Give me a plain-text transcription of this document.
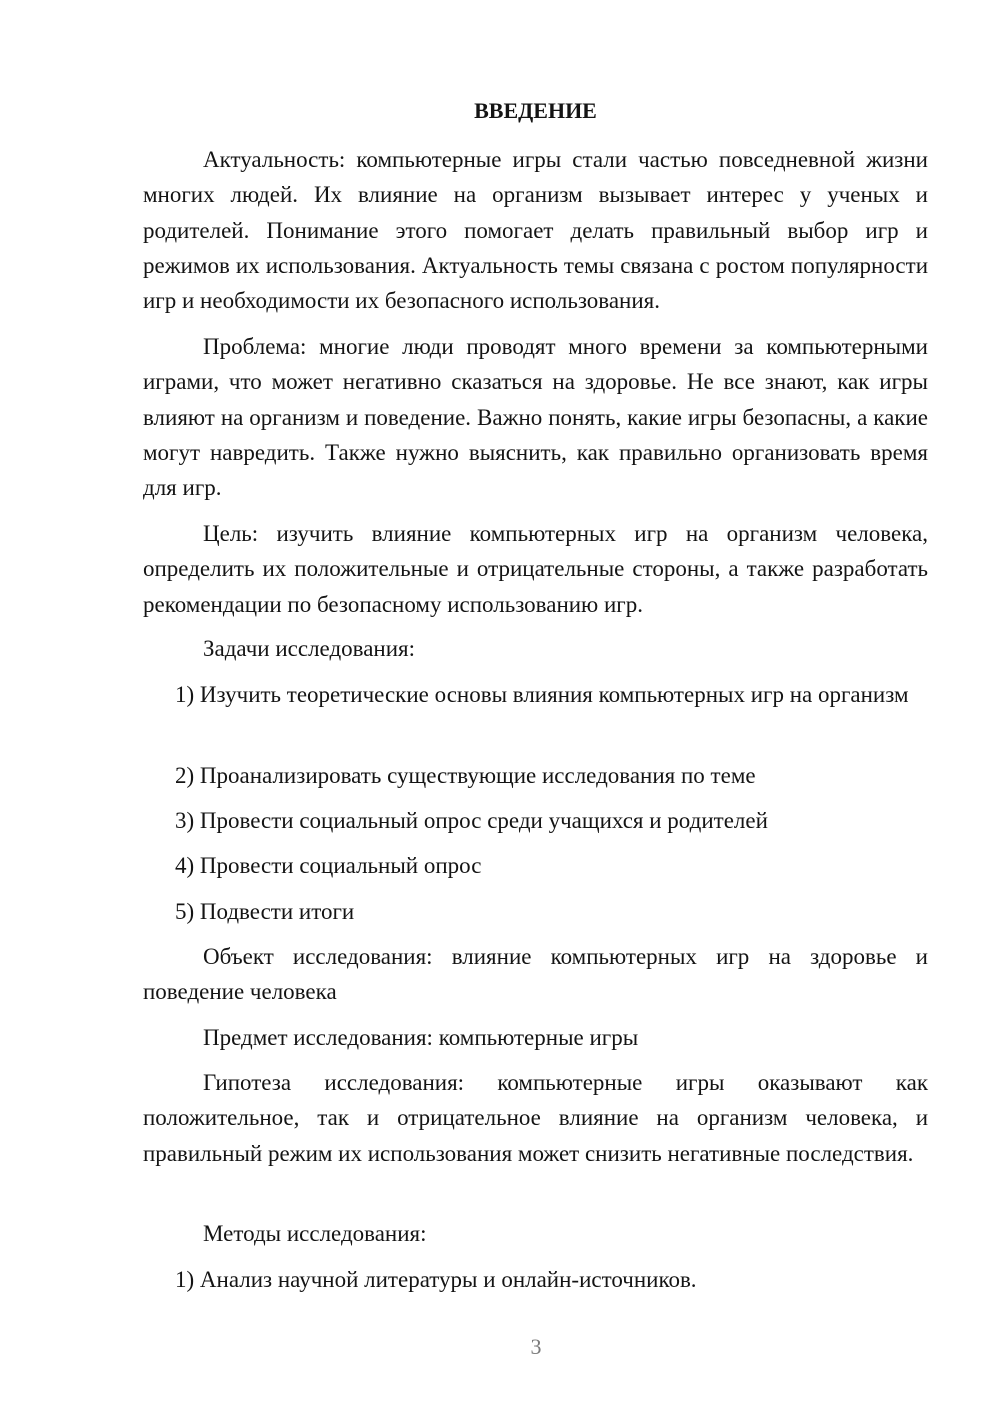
ВВЕДЕНИЕ

Актуальность: компьютерные игры стали частью повседневной жизни многих людей. Их влияние на организм вызывает интерес у ученых и родителей. Понимание этого помогает делать правильный выбор игр и режимов их использования. Актуальность темы связана с ростом популярности игр и необходимости их безопасного использования.

Проблема: многие люди проводят много времени за компьютерными играми, что может негативно сказаться на здоровье. Не все знают, как игры влияют на организм и поведение. Важно понять, какие игры безопасны, а какие могут навредить. Также нужно выяснить, как правильно организовать время для игр.

Цель: изучить влияние компьютерных игр на организм человека, определить их положительные и отрицательные стороны, а также разработать рекомендации по безопасному использованию игр.

Задачи исследования:

1) Изучить теоретические основы влияния компьютерных игр на организм

2) Проанализировать существующие исследования по теме

3) Провести социальный опрос среди учащихся и родителей

4) Провести социальный опрос

5) Подвести итоги

Объект исследования: влияние компьютерных игр на здоровье и поведение человека

Предмет исследования: компьютерные игры

Гипотеза исследования: компьютерные игры оказывают как положительное, так и отрицательное влияние на организм человека, и правильный режим их использования может снизить негативные последствия.

Методы исследования:

1) Анализ научной литературы и онлайн-источников.

3
